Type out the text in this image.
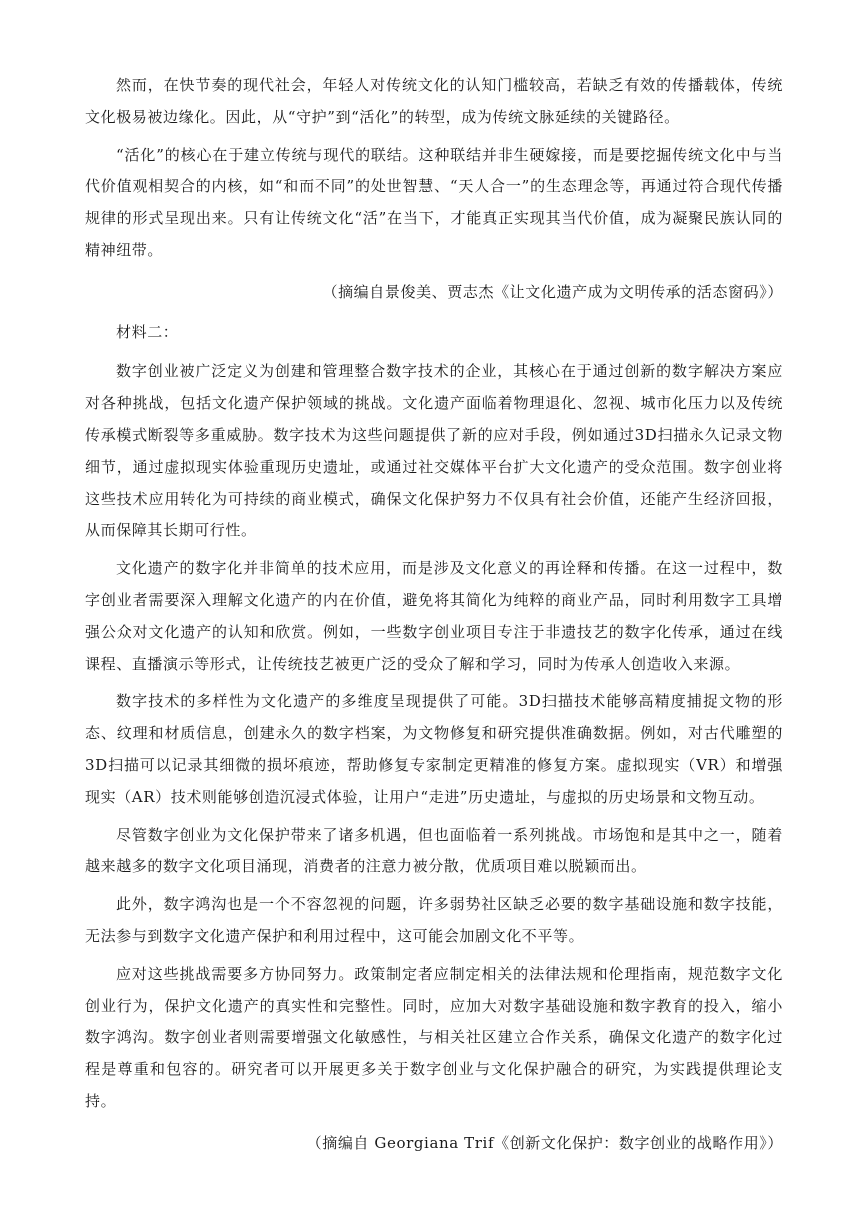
然而，在快节奏的现代社会，年轻人对传统文化的认知门槛较高，若缺乏有效的传播载体，传统文化极易被边缘化。因此，从“守护”到“活化”的转型，成为传统文脉延续的关键路径。

“活化”的核心在于建立传统与现代的联结。这种联结并非生硬嫁接，而是要挖掘传统文化中与当代价值观相契合的内核，如“和而不同”的处世智慧、“天人合一”的生态理念等，再通过符合现代传播规律的形式呈现出来。只有让传统文化“活”在当下，才能真正实现其当代价值，成为凝聚民族认同的精神纽带。

（摘编自景俊美、贾志杰《让文化遗产成为文明传承的活态窗码》）

材料二：

数字创业被广泛定义为创建和管理整合数字技术的企业，其核心在于通过创新的数字解决方案应对各种挑战，包括文化遗产保护领域的挑战。文化遗产面临着物理退化、忽视、城市化压力以及传统传承模式断裂等多重威胁。数字技术为这些问题提供了新的应对手段，例如通过3D扫描永久记录文物细节，通过虚拟现实体验重现历史遗址，或通过社交媒体平台扩大文化遗产的受众范围。数字创业将这些技术应用转化为可持续的商业模式，确保文化保护努力不仅具有社会价值，还能产生经济回报，从而保障其长期可行性。

文化遗产的数字化并非简单的技术应用，而是涉及文化意义的再诠释和传播。在这一过程中，数字创业者需要深入理解文化遗产的内在价值，避免将其简化为纯粹的商业产品，同时利用数字工具增强公众对文化遗产的认知和欣赏。例如，一些数字创业项目专注于非遗技艺的数字化传承，通过在线课程、直播演示等形式，让传统技艺被更广泛的受众了解和学习，同时为传承人创造收入来源。

数字技术的多样性为文化遗产的多维度呈现提供了可能。3D扫描技术能够高精度捕捉文物的形态、纹理和材质信息，创建永久的数字档案，为文物修复和研究提供准确数据。例如，对古代雕塑的3D扫描可以记录其细微的损坏痕迹，帮助修复专家制定更精准的修复方案。虚拟现实（VR）和增强现实（AR）技术则能够创造沉浸式体验，让用户“走进”历史遗址，与虚拟的历史场景和文物互动。

尽管数字创业为文化保护带来了诸多机遇，但也面临着一系列挑战。市场饱和是其中之一，随着越来越多的数字文化项目涌现，消费者的注意力被分散，优质项目难以脱颖而出。

此外，数字鸿沟也是一个不容忽视的问题，许多弱势社区缺乏必要的数字基础设施和数字技能，无法参与到数字文化遗产保护和利用过程中，这可能会加剧文化不平等。

应对这些挑战需要多方协同努力。政策制定者应制定相关的法律法规和伦理指南，规范数字文化创业行为，保护文化遗产的真实性和完整性。同时，应加大对数字基础设施和数字教育的投入，缩小数字鸿沟。数字创业者则需要增强文化敏感性，与相关社区建立合作关系，确保文化遗产的数字化过程是尊重和包容的。研究者可以开展更多关于数字创业与文化保护融合的研究，为实践提供理论支持。

（摘编自 Georgiana Trif《创新文化保护：数字创业的战略作用》）
